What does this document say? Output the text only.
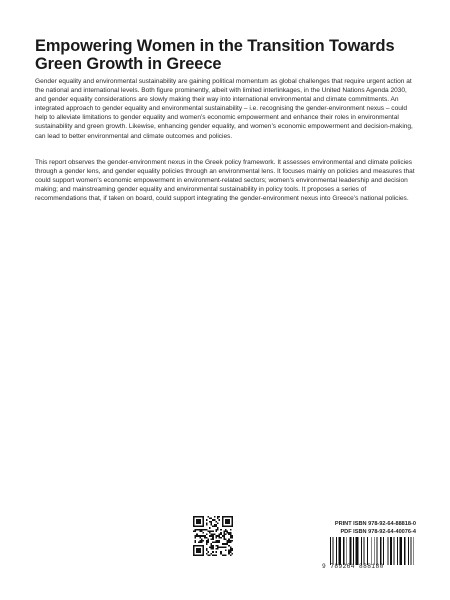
Empowering Women in the Transition Towards Green Growth in Greece

Gender equality and environmental sustainability are gaining political momentum as global challenges that require urgent action at the national and international levels. Both figure prominently, albeit with limited interlinkages, in the United Nations Agenda 2030, and gender equality considerations are slowly making their way into international environmental and climate commitments. An integrated approach to gender equality and environmental sustainability – i.e. recognising the gender-environment nexus – could help to alleviate limitations to gender equality and women’s economic empowerment and enhance their roles in environmental sustainability and green growth. Likewise, enhancing gender equality, and women’s economic empowerment and decision-making, can lead to better environmental and climate outcomes and policies.

This report observes the gender-environment nexus in the Greek policy framework. It assesses environmental and climate policies through a gender lens, and gender equality policies through an environmental lens. It focuses mainly on policies and measures that could support women’s economic empowerment in environment-related sectors; women’s environmental leadership and decision making; and mainstreaming gender equality and environmental sustainability in policy tools. It proposes a series of recommendations that, if taken on board, could support integrating the gender-environment nexus into Greece’s national policies.

PRINT ISBN 978-92-64-88818-0
PDF ISBN 978-92-64-40076-4
9 789264 888180
